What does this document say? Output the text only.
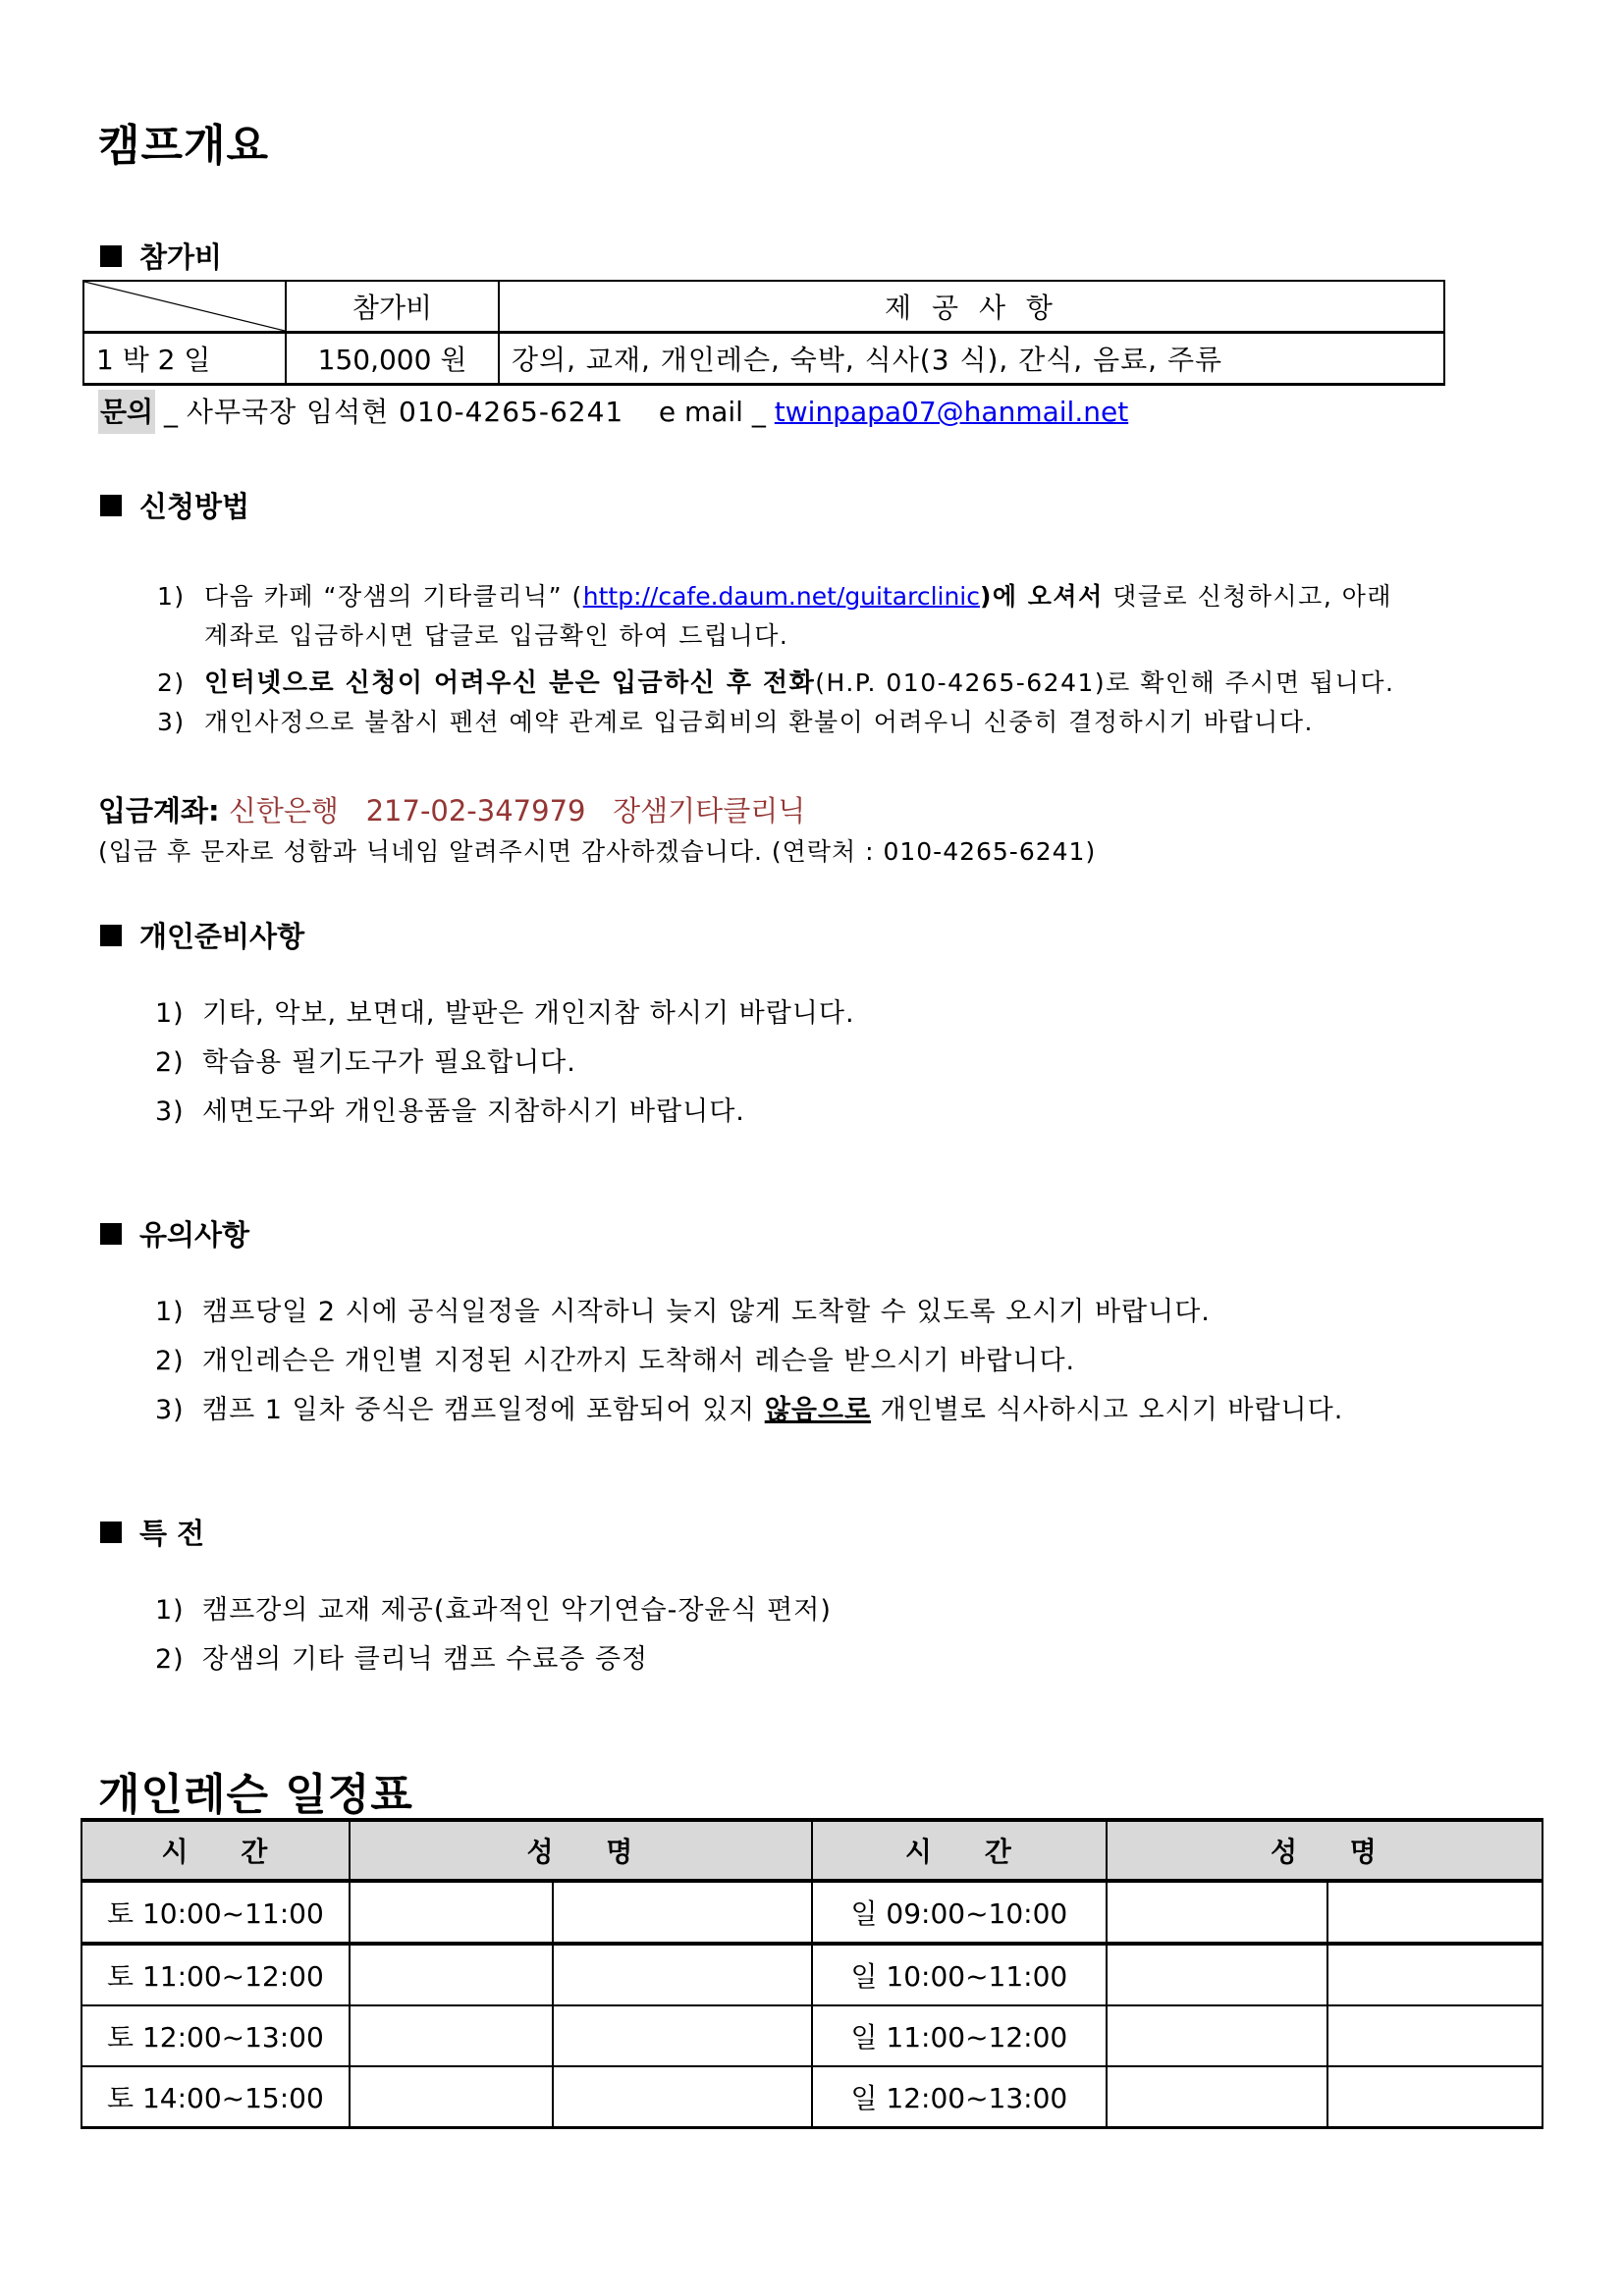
캠프개요
참가비
	참가비	제 공 사 항
1 박 2 일	150,000 원	강의, 교재, 개인레슨, 숙박, 식사(3 식), 간식, 음료, 주류
문의 _ 사무국장 임석현 010-4265-6241 e mail _ twinpapa07@hanmail.net
신청방법
1) 다음 카페 “장샘의 기타클리닉” (http://cafe.daum.net/guitarclinic)에 오셔서 댓글로 신청하시고, 아래
계좌로 입금하시면 답글로 입금확인 하여 드립니다.
2) 인터넷으로 신청이 어려우신 분은 입금하신 후 전화(H.P. 010-4265-6241)로 확인해 주시면 됩니다.
3) 개인사정으로 불참시 펜션 예약 관계로 입금회비의 환불이 어려우니 신중히 결정하시기 바랍니다.
입금계좌: 신한은행 217-02-347979 장샘기타클리닉
(입금 후 문자로 성함과 닉네임 알려주시면 감사하겠습니다. (연락처 : 010-4265-6241)
개인준비사항
1) 기타, 악보, 보면대, 발판은 개인지참 하시기 바랍니다.
2) 학습용 필기도구가 필요합니다.
3) 세면도구와 개인용품을 지참하시기 바랍니다.
유의사항
1) 캠프당일 2 시에 공식일정을 시작하니 늦지 않게 도착할 수 있도록 오시기 바랍니다.
2) 개인레슨은 개인별 지정된 시간까지 도착해서 레슨을 받으시기 바랍니다.
3) 캠프 1 일차 중식은 캠프일정에 포함되어 있지 않음으로 개인별로 식사하시고 오시기 바랍니다.
특 전
1) 캠프강의 교재 제공(효과적인 악기연습-장윤식 편저)
2) 장샘의 기타 클리닉 캠프 수료증 증정
개인레슨 일정표
시 간	성 명		시 간	성 명	
토 10:00~11:00			일 09:00~10:00		
토 11:00~12:00			일 10:00~11:00		
토 12:00~13:00			일 11:00~12:00		
토 14:00~15:00			일 12:00~13:00		
